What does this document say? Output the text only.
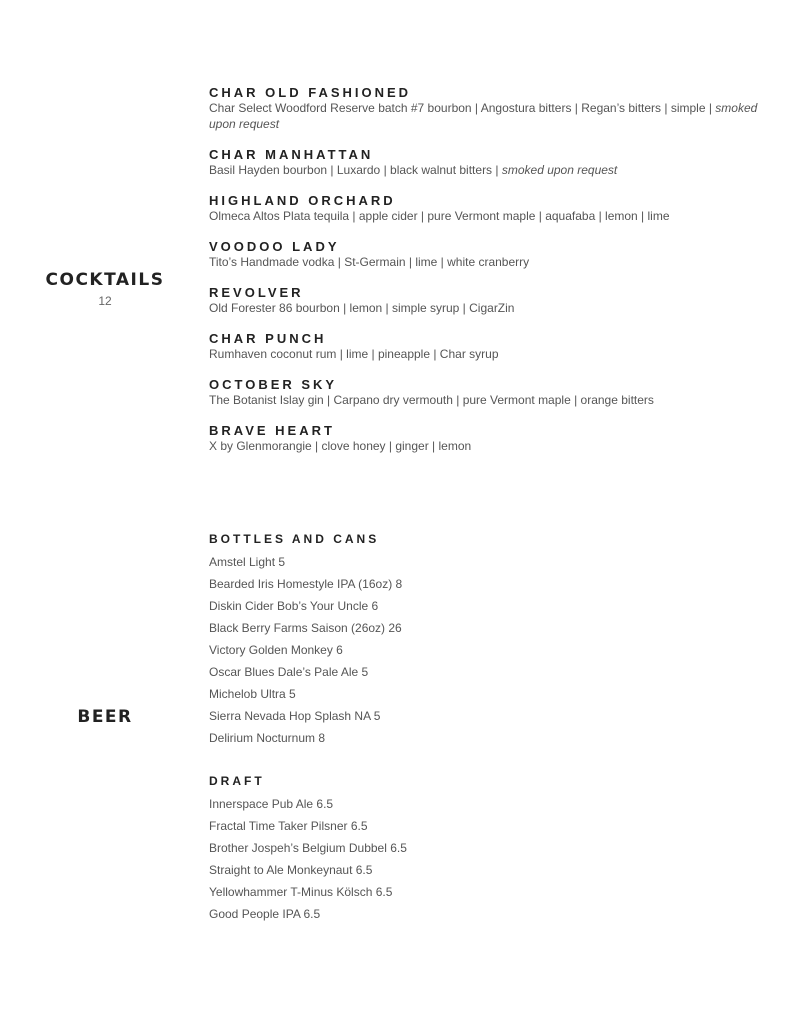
COCKTAILS
12
CHAR OLD FASHIONED
Char Select Woodford Reserve batch #7 bourbon | Angostura bitters | Regan’s bitters | simple | smoked upon request
CHAR MANHATTAN
Basil Hayden bourbon | Luxardo | black walnut bitters | smoked upon request
HIGHLAND ORCHARD
Olmeca Altos Plata tequila | apple cider | pure Vermont maple | aquafaba | lemon | lime
VOODOO LADY
Tito’s Handmade vodka | St-Germain | lime | white cranberry
REVOLVER
Old Forester 86 bourbon | lemon | simple syrup | CigarZin
CHAR PUNCH
Rumhaven coconut rum | lime | pineapple | Char syrup
OCTOBER SKY
The Botanist Islay gin | Carpano dry vermouth | pure Vermont maple | orange bitters
BRAVE HEART
X by Glenmorangie | clove honey | ginger | lemon
BEER
BOTTLES AND CANS
Amstel Light 5
Bearded Iris Homestyle IPA (16oz) 8
Diskin Cider Bob’s Your Uncle 6
Black Berry Farms Saison (26oz) 26
Victory Golden Monkey 6
Oscar Blues Dale’s Pale Ale 5
Michelob Ultra 5
Sierra Nevada Hop Splash NA 5
Delirium Nocturnum 8
DRAFT
Innerspace Pub Ale 6.5
Fractal Time Taker Pilsner 6.5
Brother Jospeh’s Belgium Dubbel 6.5
Straight to Ale Monkeynaut 6.5
Yellowhammer T-Minus Kölsch 6.5
Good People IPA 6.5
